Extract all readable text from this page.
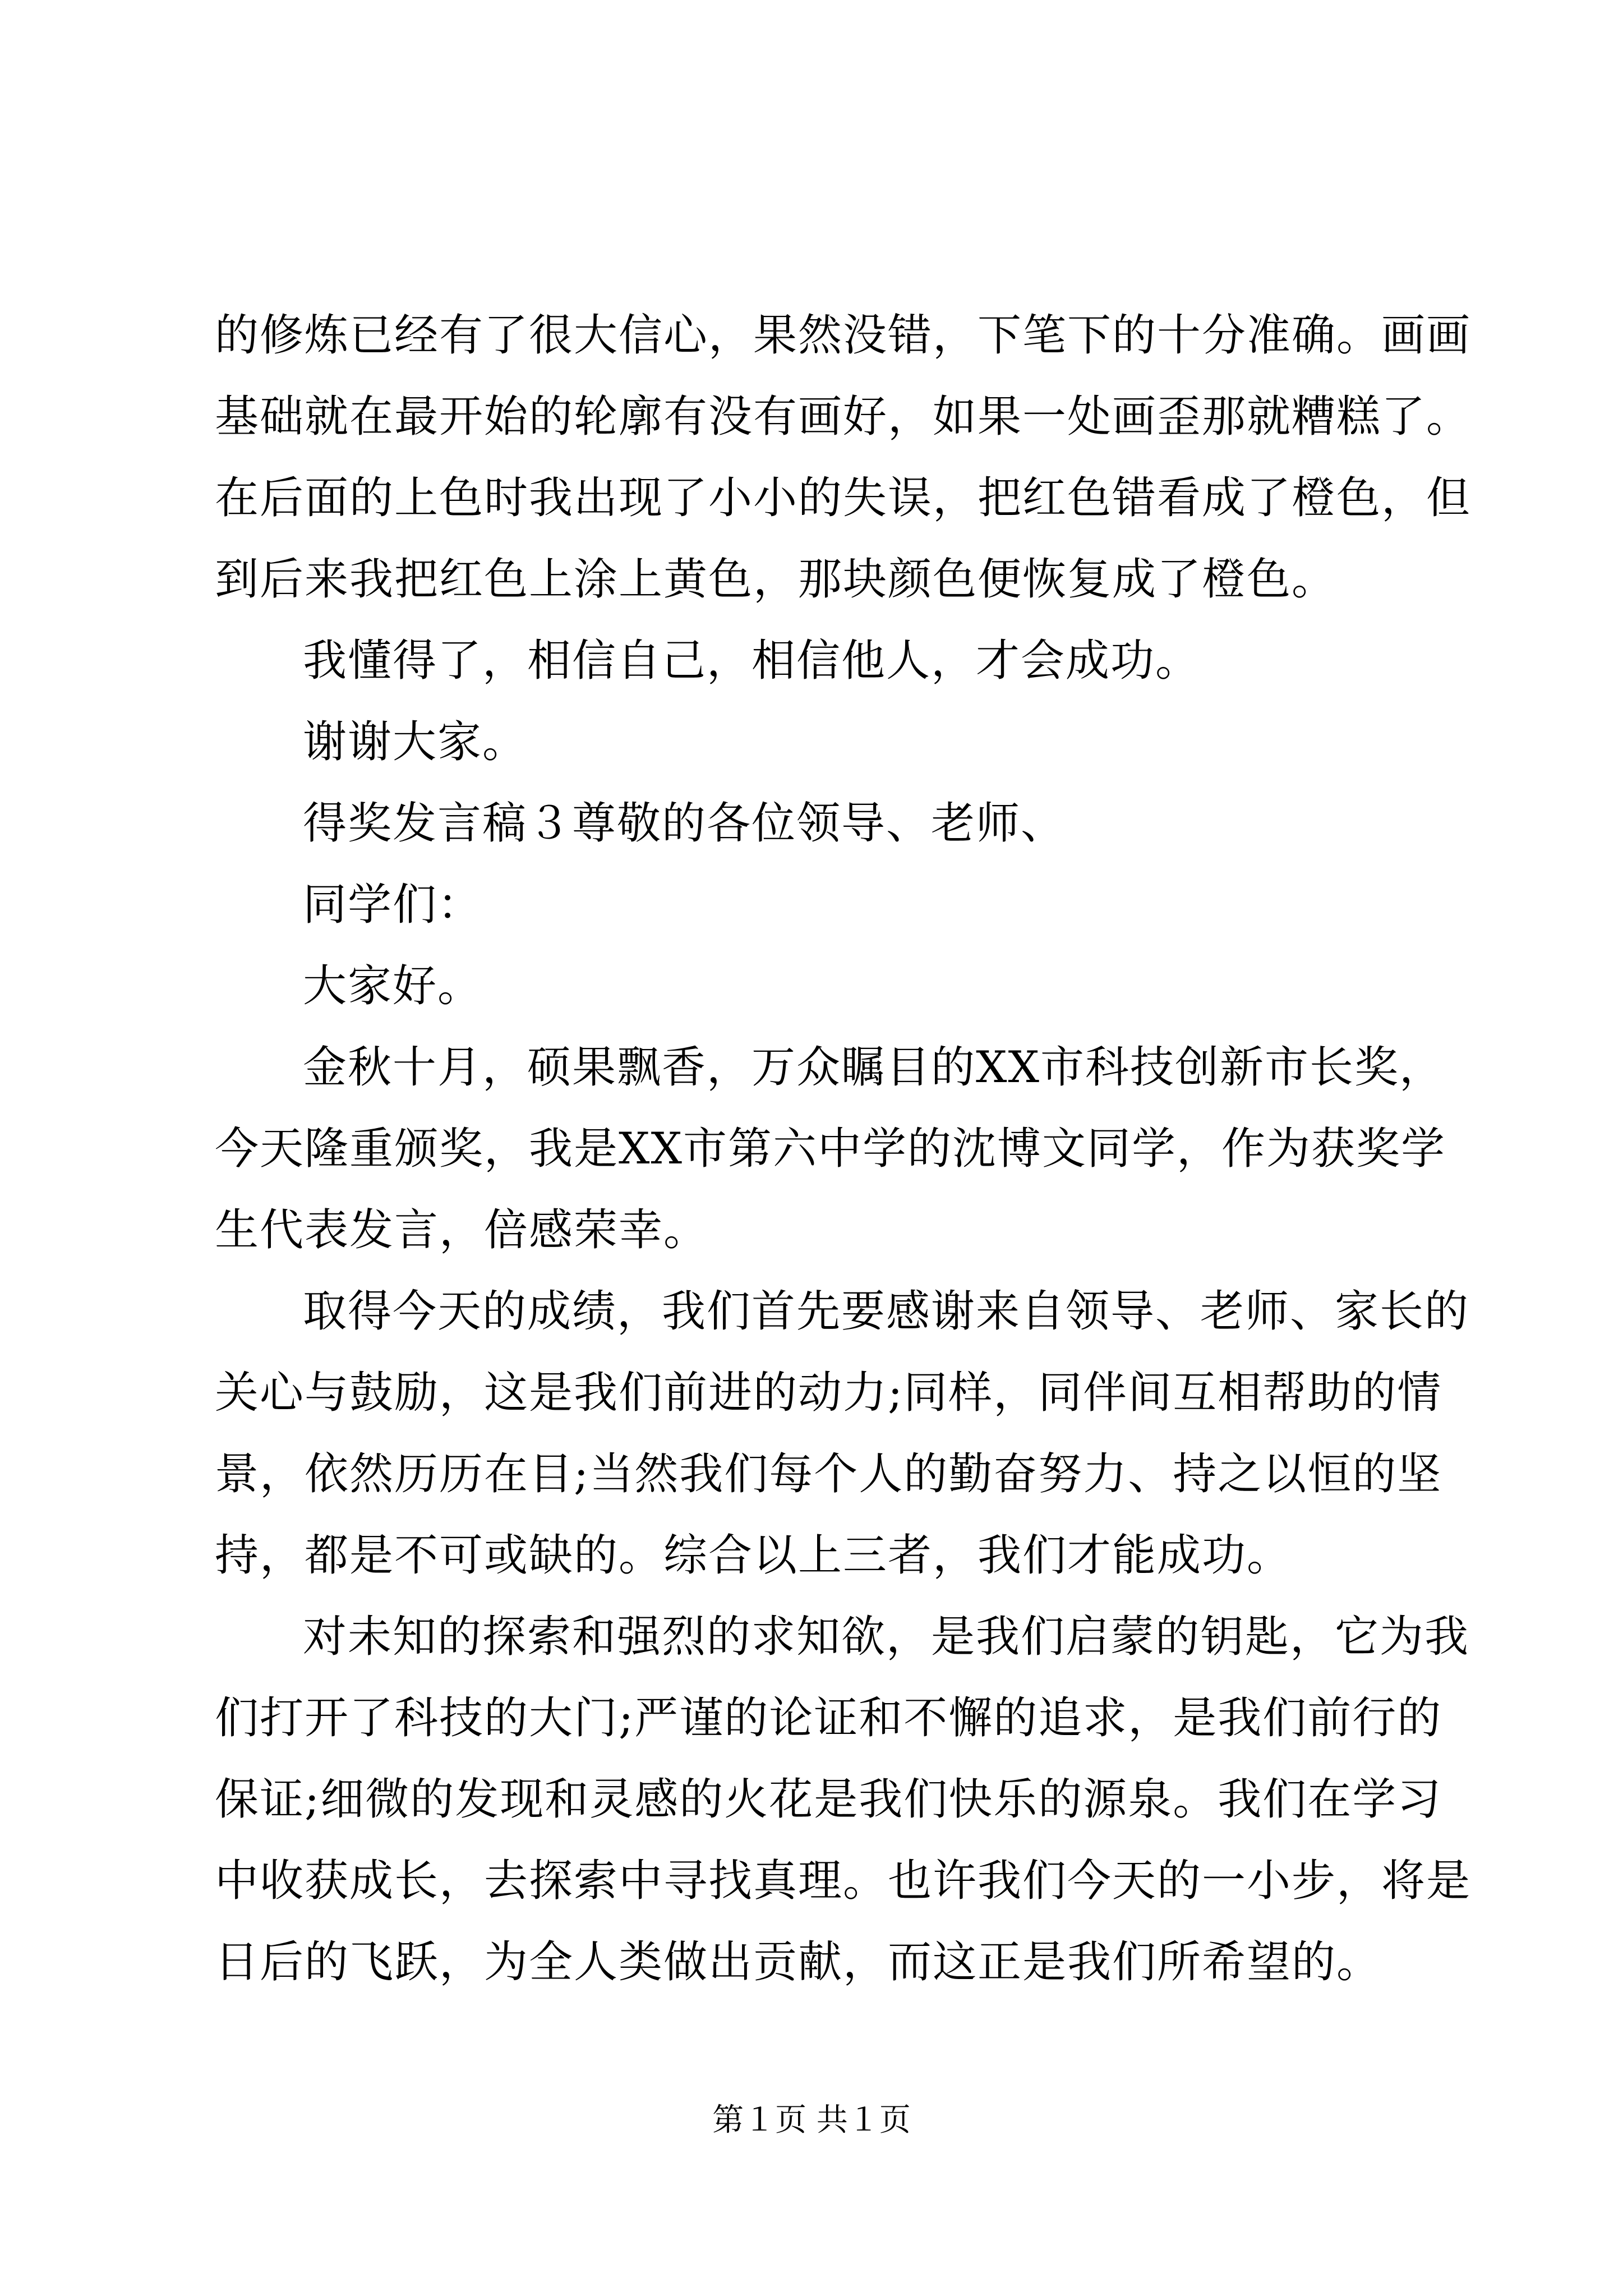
的修炼已经有了很大信心，果然没错，下笔下的十分准确。画画
基础就在最开始的轮廓有没有画好，如果一处画歪那就糟糕了。
在后面的上色时我出现了小小的失误，把红色错看成了橙色，但
到后来我把红色上涂上黄色，那块颜色便恢复成了橙色。
我懂得了，相信自己，相信他人，才会成功。
谢谢大家。
得奖发言稿３尊敬的各位领导、老师、
同学们：
大家好。
金秋十月，硕果飘香，万众瞩目的XX市科技创新市长奖，
今天隆重颁奖，我是XX市第六中学的沈博文同学，作为获奖学
生代表发言，倍感荣幸。
取得今天的成绩，我们首先要感谢来自领导、老师、家长的
关心与鼓励，这是我们前进的动力;同样，同伴间互相帮助的情
景，依然历历在目;当然我们每个人的勤奋努力、持之以恒的坚
持，都是不可或缺的。综合以上三者，我们才能成功。
对未知的探索和强烈的求知欲，是我们启蒙的钥匙，它为我
们打开了科技的大门;严谨的论证和不懈的追求，是我们前行的
保证;细微的发现和灵感的火花是我们快乐的源泉。我们在学习
中收获成长，去探索中寻找真理。也许我们今天的一小步，将是
日后的飞跃，为全人类做出贡献，而这正是我们所希望的。
第１页 共１页
